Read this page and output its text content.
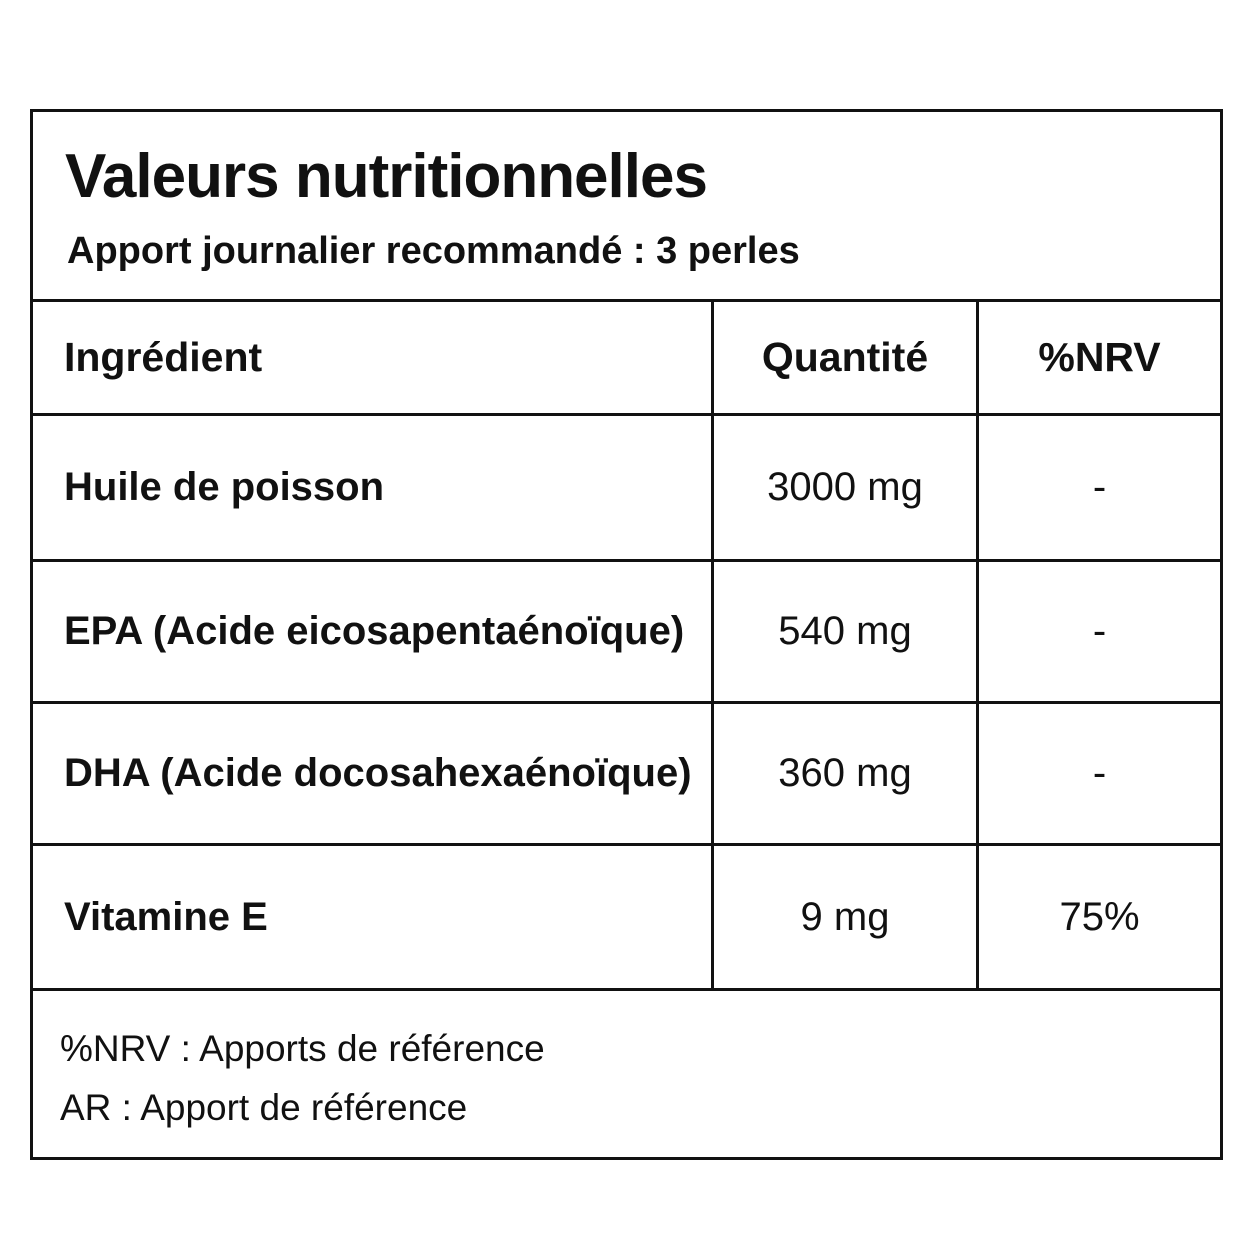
Valeurs nutritionnelles
Apport journalier recommandé : 3 perles
Ingrédient	Quantité	%NRV
Huile de poisson	3000 mg	-
EPA (Acide eicosapentaénoïque)	540 mg	-
DHA (Acide docosahexaénoïque)	360 mg	-
Vitamine E	9 mg	75%
%NRV : Apports de référence
AR : Apport de référence
